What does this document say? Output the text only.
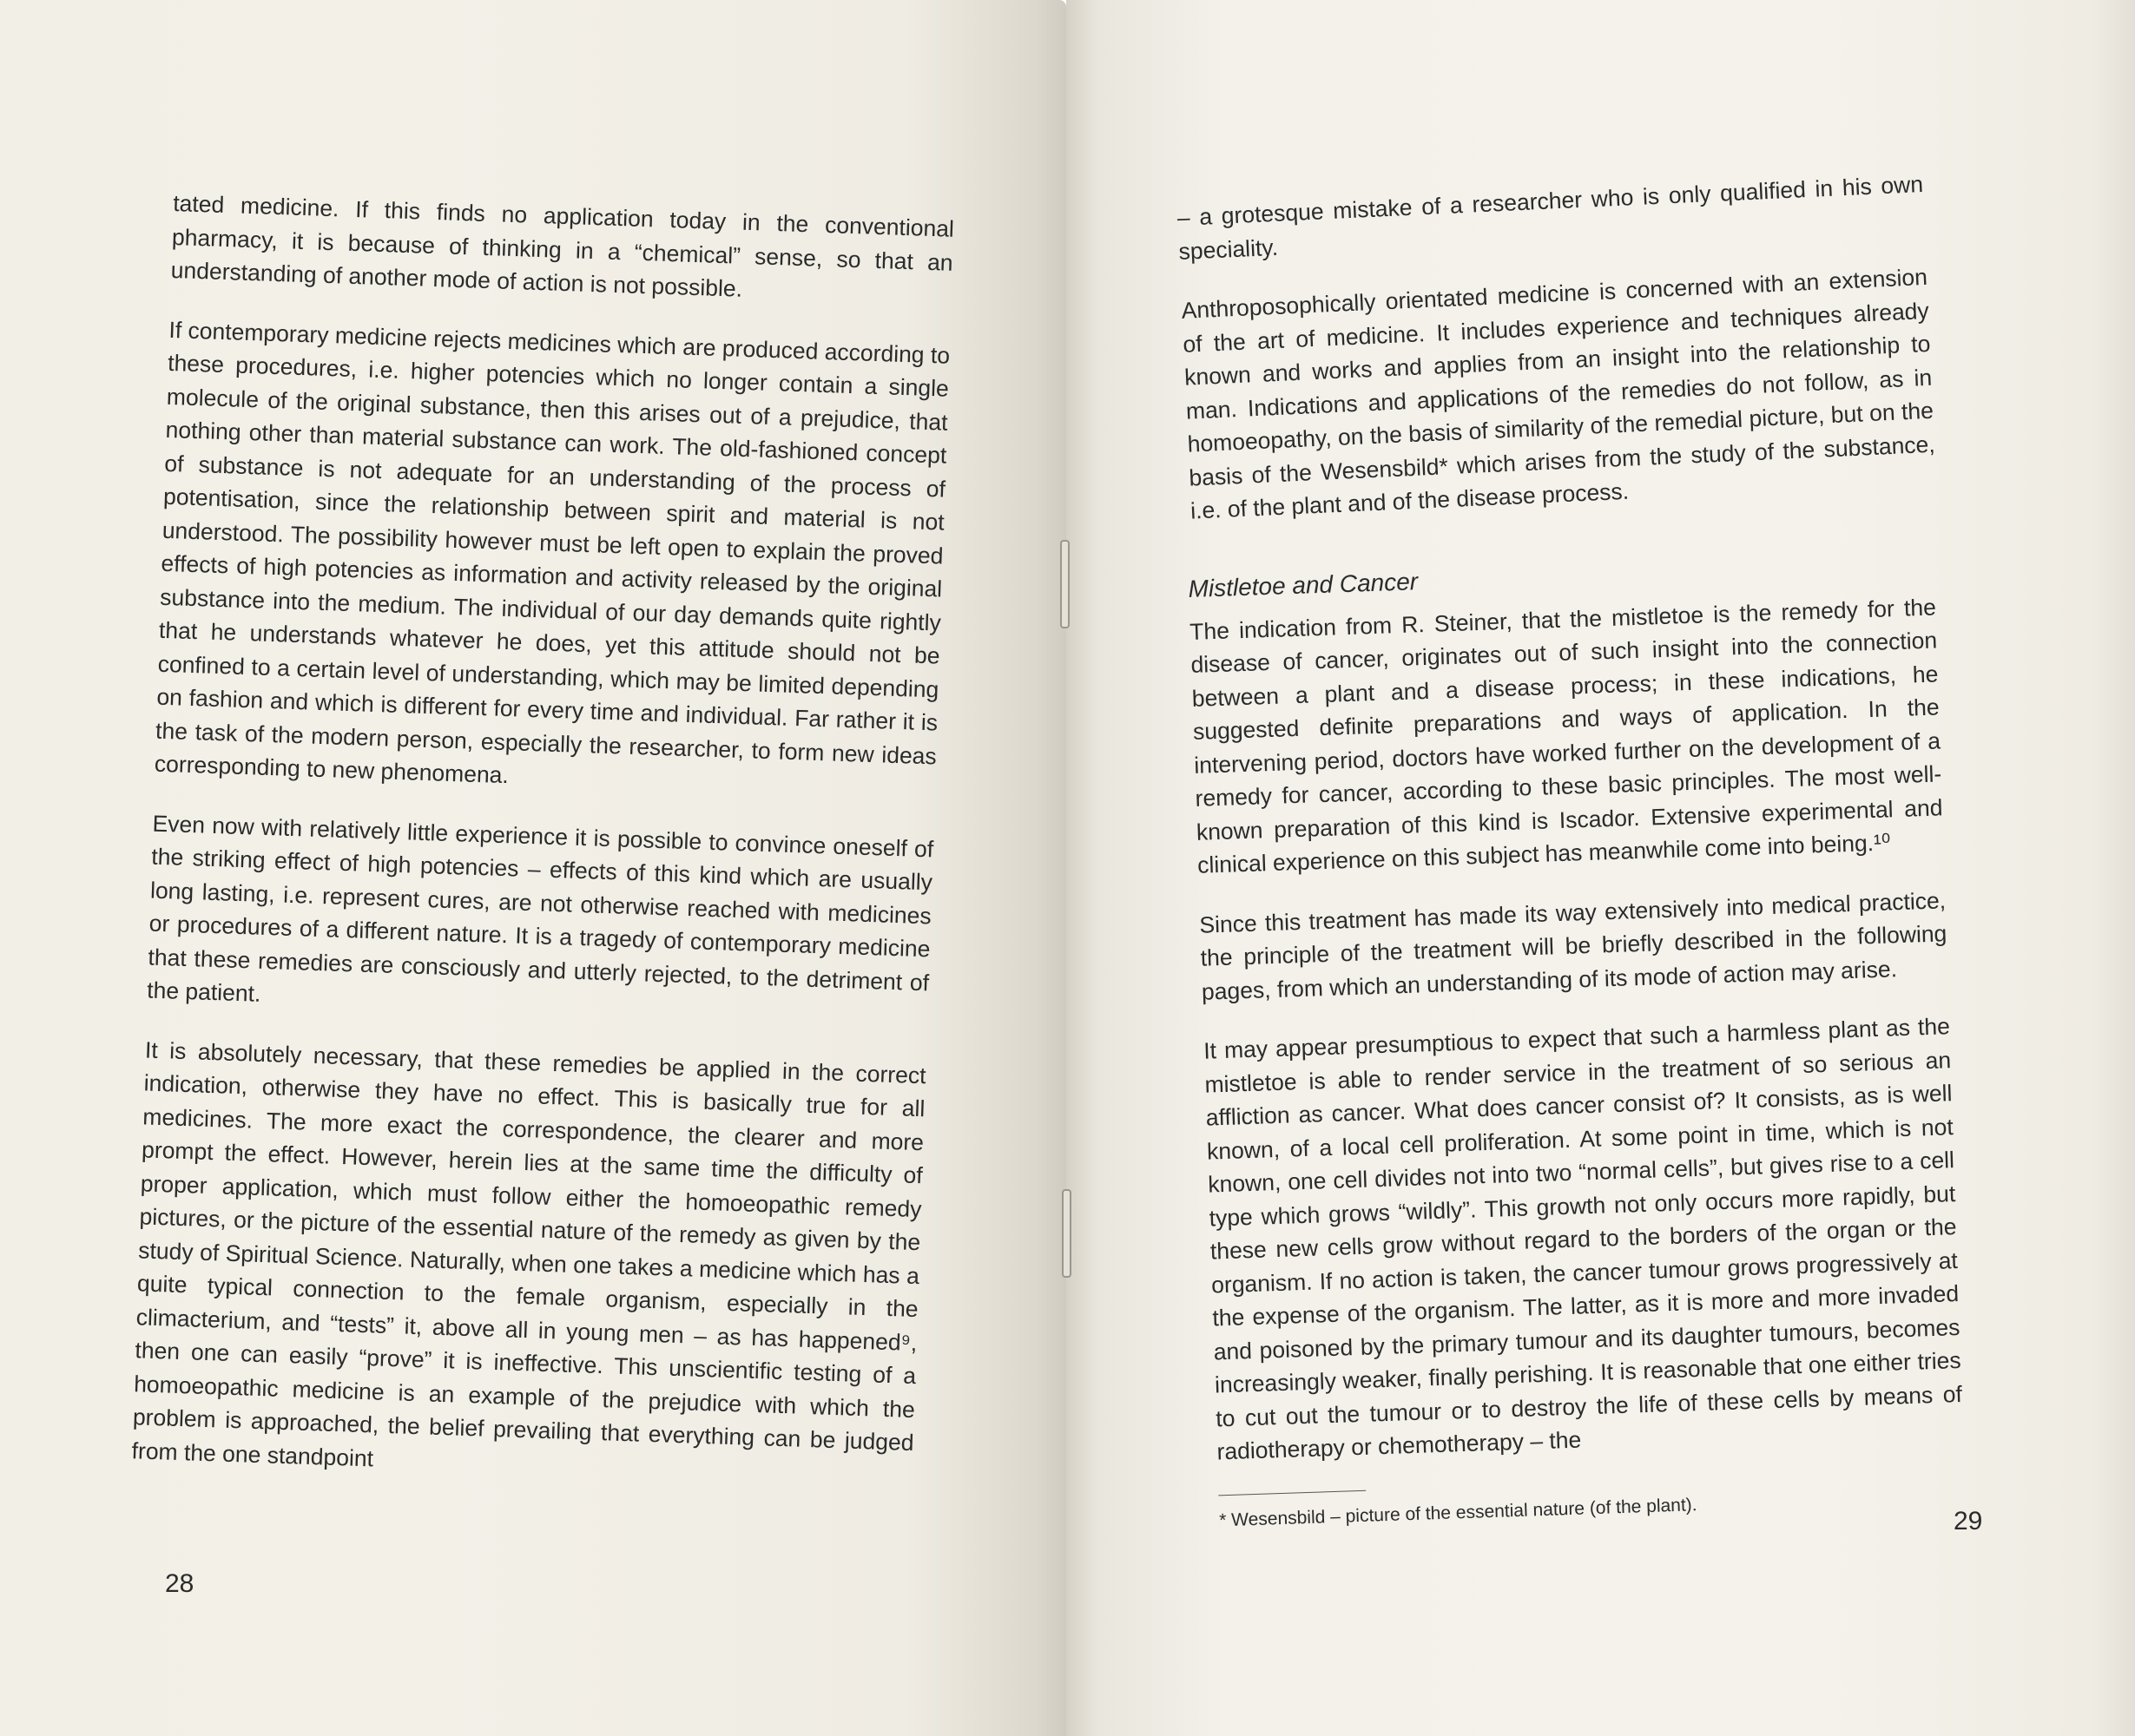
tated medicine. If this finds no application today in the conventional pharmacy, it is because of thinking in a “chemical” sense, so that an understanding of another mode of action is not possible.

If contemporary medicine rejects medicines which are produced according to these procedures, i.e. higher potencies which no longer contain a single molecule of the original substance, then this arises out of a prejudice, that nothing other than material substance can work. The old-fashioned concept of substance is not adequate for an understanding of the process of potentisation, since the relationship between spirit and material is not understood. The possibility however must be left open to explain the proved effects of high potencies as information and activity released by the original substance into the medium. The individual of our day demands quite rightly that he understands whatever he does, yet this attitude should not be confined to a certain level of understanding, which may be limited depending on fashion and which is different for every time and individual. Far rather it is the task of the modern person, especially the researcher, to form new ideas corresponding to new phenomena.

Even now with relatively little experience it is possible to convince oneself of the striking effect of high potencies – effects of this kind which are usually long lasting, i.e. represent cures, are not otherwise reached with medicines or procedures of a different nature. It is a tragedy of contemporary medicine that these remedies are consciously and utterly rejected, to the detriment of the patient.

It is absolutely necessary, that these remedies be applied in the correct indication, otherwise they have no effect. This is basically true for all medicines. The more exact the correspondence, the clearer and more prompt the effect. However, herein lies at the same time the difficulty of proper application, which must follow either the homoeopathic remedy pictures, or the picture of the essential nature of the remedy as given by the study of Spiritual Science. Naturally, when one takes a medicine which has a quite typical connection to the female organism, especially in the climacterium, and “tests” it, above all in young men – as has happened⁹, then one can easily “prove” it is ineffective. This unscientific testing of a homoeopathic medicine is an example of the prejudice with which the problem is approached, the belief prevailing that everything can be judged from the one standpoint

28

– a grotesque mistake of a researcher who is only qualified in his own speciality.

Anthroposophically orientated medicine is concerned with an extension of the art of medicine. It includes experience and techniques already known and works and applies from an insight into the relationship to man. Indications and applications of the remedies do not follow, as in homoeopathy, on the basis of similarity of the remedial picture, but on the basis of the Wesensbild* which arises from the study of the substance, i.e. of the plant and of the disease process.

Mistletoe and Cancer

The indication from R. Steiner, that the mistletoe is the remedy for the disease of cancer, originates out of such insight into the connection between a plant and a disease process; in these indications, he suggested definite preparations and ways of application. In the intervening period, doctors have worked further on the development of a remedy for cancer, according to these basic principles. The most well-known preparation of this kind is Iscador. Extensive experimental and clinical experience on this subject has meanwhile come into being.¹⁰

Since this treatment has made its way extensively into medical practice, the principle of the treatment will be briefly described in the following pages, from which an understanding of its mode of action may arise.

It may appear presumptious to expect that such a harmless plant as the mistletoe is able to render service in the treatment of so serious an affliction as cancer. What does cancer consist of? It consists, as is well known, of a local cell proliferation. At some point in time, which is not known, one cell divides not into two “normal cells”, but gives rise to a cell type which grows “wildly”. This growth not only occurs more rapidly, but these new cells grow without regard to the borders of the organ or the organism. If no action is taken, the cancer tumour grows progressively at the expense of the organism. The latter, as it is more and more invaded and poisoned by the primary tumour and its daughter tumours, becomes increasingly weaker, finally perishing. It is reasonable that one either tries to cut out the tumour or to destroy the life of these cells by means of radiotherapy or chemotherapy – the

* Wesensbild – picture of the essential nature (of the plant).	29
